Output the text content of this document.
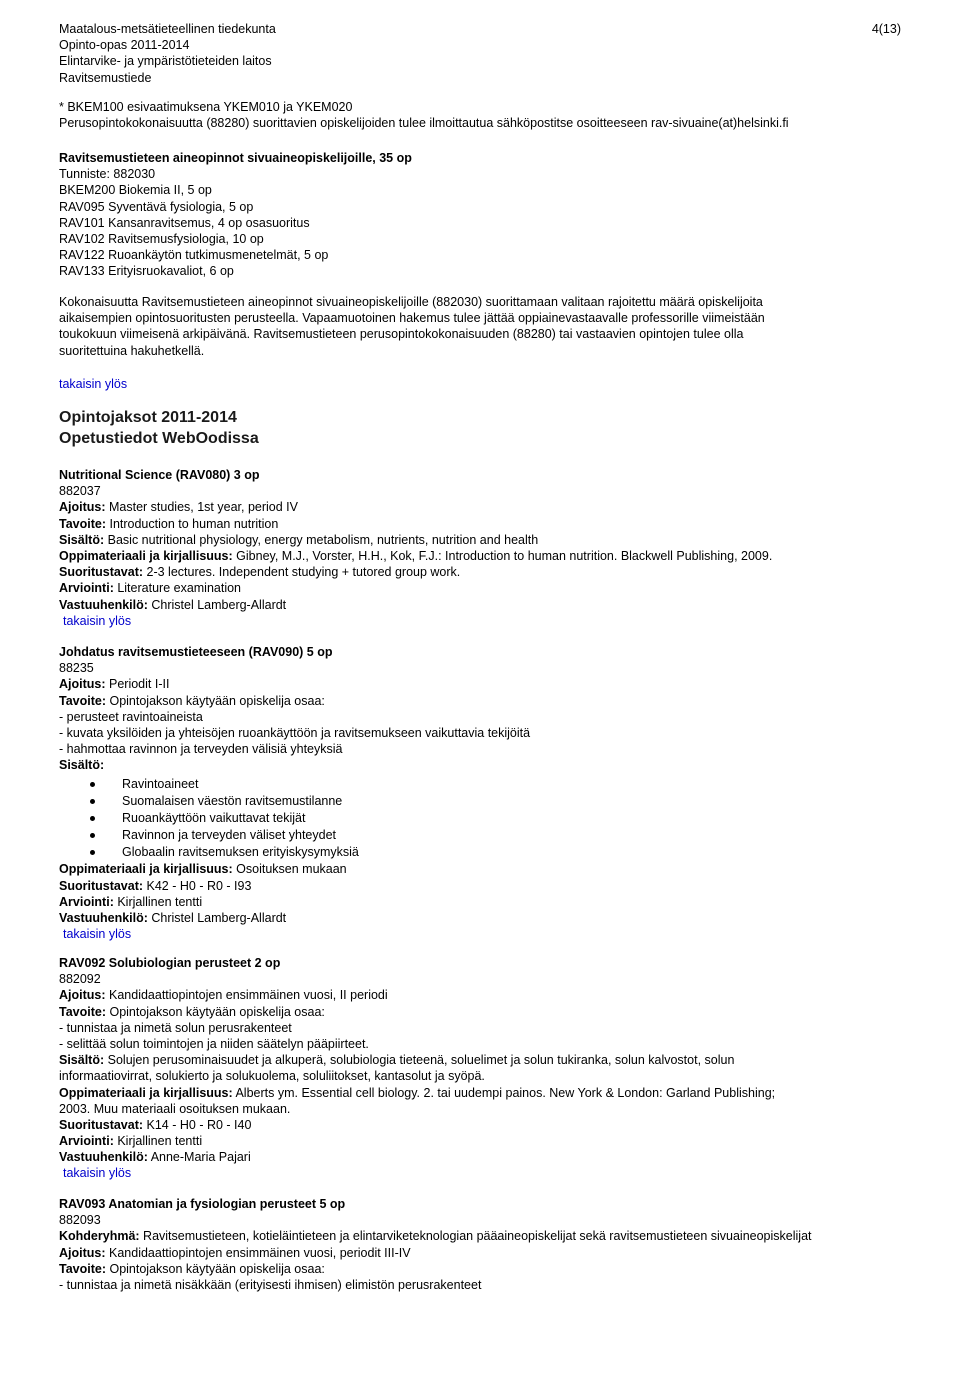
Maatalous-metsätieteellinen tiedekunta
Opinto-opas 2011-2014
Elintarvike- ja ympäristötieteiden laitos
Ravitsemustiede
4(13)
* BKEM100 esivaatimuksena YKEM010 ja YKEM020
Perusopintokokonaisuutta (88280) suorittavien opiskelijoiden tulee ilmoittautua sähköpostitse osoitteeseen rav-sivuaine(at)helsinki.fi
Ravitsemustieteen aineopinnot sivuaineopiskelijoille, 35 op
Tunniste: 882030
BKEM200 Biokemia II, 5 op
RAV095 Syventävä fysiologia, 5 op
RAV101 Kansanravitsemus, 4 op osasuoritus
RAV102 Ravitsemusfysiologia, 10 op
RAV122 Ruoankäytön tutkimusmenetelmät, 5 op
RAV133 Erityisruokavaliot, 6 op
Kokonaisuutta Ravitsemustieteen aineopinnot sivuaineopiskelijoille (882030) suorittamaan valitaan rajoitettu määrä opiskelijoita
aikaisempien opintosuoritusten perusteella. Vapaamuotoinen hakemus tulee jättää oppiainevastaavalle professorille viimeistään
toukokuun viimeisenä arkipäivänä. Ravitsemustieteen perusopintokokonaisuuden (88280) tai vastaavien opintojen tulee olla
suoritettuina hakuhetkellä.
takaisin ylös
Opintojaksot 2011-2014
Opetustiedot WebOodissa
Nutritional Science (RAV080) 3 op
882037
Ajoitus: Master studies, 1st year, period IV
Tavoite: Introduction to human nutrition
Sisältö: Basic nutritional physiology, energy metabolism, nutrients, nutrition and health
Oppimateriaali ja kirjallisuus: Gibney, M.J., Vorster, H.H., Kok, F.J.: Introduction to human nutrition. Blackwell Publishing, 2009.
Suoritustavat: 2-3 lectures. Independent studying + tutored group work.
Arviointi: Literature examination
Vastuuhenkilö: Christel Lamberg-Allardt
takaisin ylös
Johdatus ravitsemustieteeseen (RAV090) 5 op
88235
Ajoitus: Periodit I-II
Tavoite: Opintojakson käytyään opiskelija osaa:
- perusteet ravintoaineista
- kuvata yksilöiden ja yhteisöjen ruoankäyttöön ja ravitsemukseen vaikuttavia tekijöitä
- hahmottaa ravinnon ja terveyden välisiä yhteyksiä
Sisältö:
Ravintoaineet
Suomalaisen väestön ravitsemustilanne
Ruoankäyttöön vaikuttavat tekijät
Ravinnon ja terveyden väliset yhteydet
Globaalin ravitsemuksen erityiskysymyksiä
Oppimateriaali ja kirjallisuus: Osoituksen mukaan
Suoritustavat: K42 - H0 - R0 - I93
Arviointi: Kirjallinen tentti
Vastuuhenkilö: Christel Lamberg-Allardt
takaisin ylös
RAV092 Solubiologian perusteet 2 op
882092
Ajoitus: Kandidaattiopintojen ensimmäinen vuosi, II periodi
Tavoite: Opintojakson käytyään opiskelija osaa:
- tunnistaa ja nimetä solun perusrakenteet
- selittää solun toimintojen ja niiden säätelyn pääpiirteet.
Sisältö: Solujen perusominaisuudet ja alkuperä, solubiologia tieteenä, soluelimet ja solun tukiranka, solun kalvostot, solun
informaatiovirrat, solukierto ja solukuolema, soluliitokset, kantasolut ja syöpä.
Oppimateriaali ja kirjallisuus: Alberts ym. Essential cell biology. 2. tai uudempi painos. New York & London: Garland Publishing;
2003. Muu materiaali osoituksen mukaan.
Suoritustavat: K14 - H0 - R0 - I40
Arviointi: Kirjallinen tentti
Vastuuhenkilö: Anne-Maria Pajari
takaisin ylös
RAV093 Anatomian ja fysiologian perusteet 5 op
882093
Kohderyhmä: Ravitsemustieteen, kotieläintieteen ja elintarviketeknologian pääaineopiskelijat sekä ravitsemustieteen sivuaineopiskelijat
Ajoitus: Kandidaattiopintojen ensimmäinen vuosi, periodit III-IV
Tavoite: Opintojakson käytyään opiskelija osaa:
- tunnistaa ja nimetä nisäkkään (erityisesti ihmisen) elimistön perusrakenteet
